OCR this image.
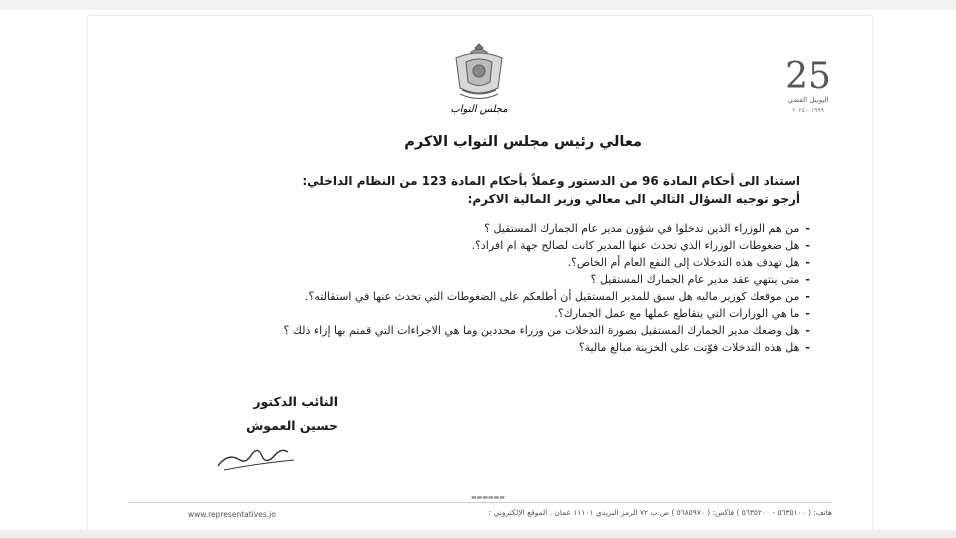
مجلس النواب
25
اليوبيل الفضي
١٩٩٩ - ٢٠٢٤
معالي رئيس مجلس النواب الاكرم
استناد الى أحكام المادة 96 من الدستور وعملاً بأحكام المادة 123 من النظام الداخلي:
أرجو توجيه السؤال التالي الى معالي وزير المالية الاكرم:
-من هم الوزراء الذين تدخلوا في شؤون مدير عام الجمارك المستقيل ؟
-هل ضغوطات الوزراء الذي تحدث عنها المدير كانت لصالح جهة ام افراد؟.
-هل تهدف هذه التدخلات إلى النفع العام أم الخاص؟.
-متى ينتهي عقد مدير عام الجمارك المستقيل ؟
-من موقعك كوزير ماليه هل سبق للمدير المستقيل أن أطلعكم على الضغوطات التي تحدث عنها في استقالته؟.
-ما هي الوزارات التي يتقاطع عملها مع عمل الجمارك؟.
-هل وضعك مدير الجمارك المستقيل بصورة التدخلات من وزراء محددين وما هي الاجراءات التي قمتم بها إزاء ذلك ؟
-هل هذه التدخلات فوّتت على الخزينة مبالغ مالية؟
النائب الدكتور
حسين العموش
▬▬▬▬▬▬
هاتف: ( ٥٦٣٥١٠٠ - ٥٦٣٥٢٠٠ ) فاكس: ( ٥٦٨٥٩٧٠ ) ص.ب ٧٢ الرمز البريدي ١١١٠١ عمان . الموقع الإلكتروني :
www.representatives.jo
